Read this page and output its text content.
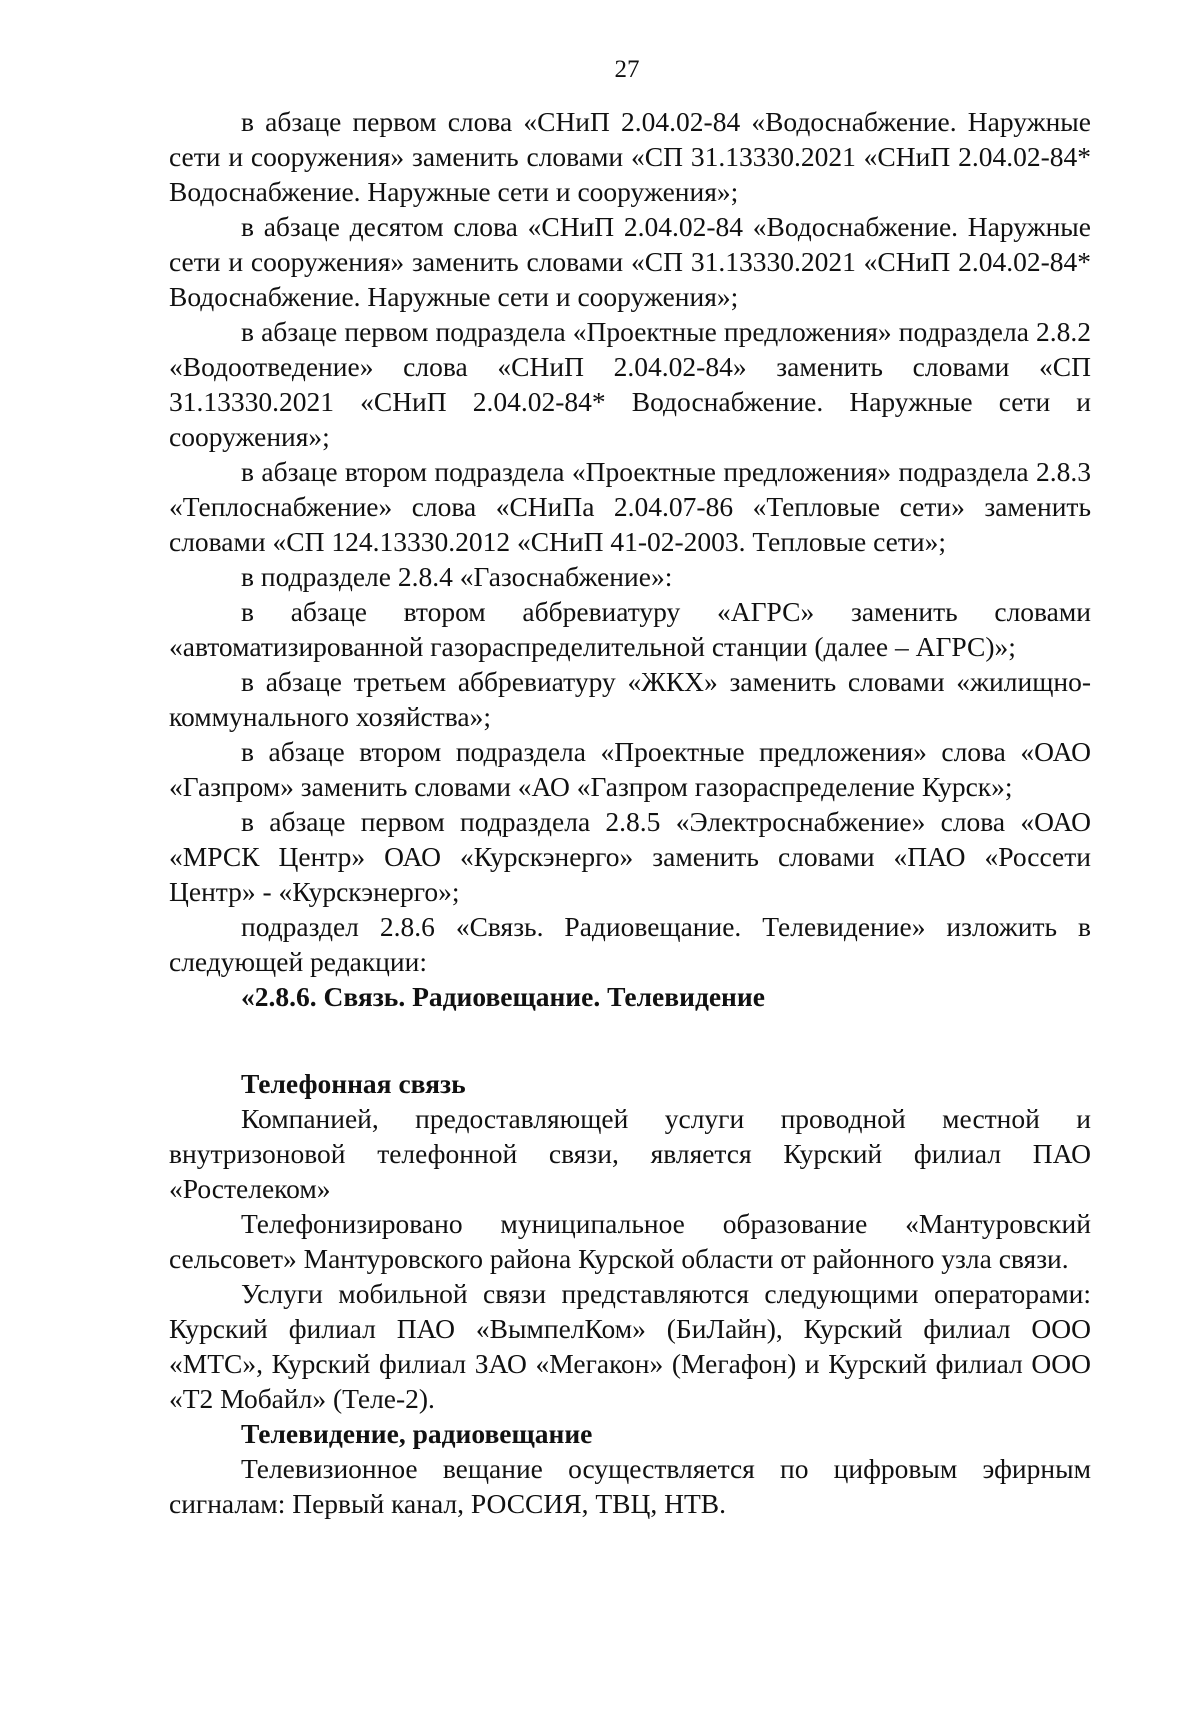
27

в абзаце первом слова «СНиП 2.04.02-84 «Водоснабжение. Наружные сети и сооружения» заменить словами «СП 31.13330.2021 «СНиП 2.04.02-84* Водоснабжение. Наружные сети и сооружения»;

в абзаце десятом слова «СНиП 2.04.02-84 «Водоснабжение. Наружные сети и сооружения» заменить словами «СП 31.13330.2021 «СНиП 2.04.02-84* Водоснабжение. Наружные сети и сооружения»;

в абзаце первом подраздела «Проектные предложения» подраздела 2.8.2 «Водоотведение» слова «СНиП 2.04.02-84» заменить словами «СП 31.13330.2021 «СНиП 2.04.02-84* Водоснабжение. Наружные сети и сооружения»;

в абзаце втором подраздела «Проектные предложения» подраздела 2.8.3 «Теплоснабжение» слова «СНиПа 2.04.07-86 «Тепловые сети» заменить словами «СП 124.13330.2012 «СНиП 41-02-2003. Тепловые сети»;

в подразделе 2.8.4 «Газоснабжение»:

в абзаце втором аббревиатуру «АГРС» заменить словами «автоматизированной газораспределительной станции (далее – АГРС)»;

в абзаце третьем аббревиатуру «ЖКХ» заменить словами «жилищно-коммунального хозяйства»;

в абзаце втором подраздела «Проектные предложения» слова «ОАО «Газпром» заменить словами «АО «Газпром газораспределение Курск»;

в абзаце первом подраздела 2.8.5 «Электроснабжение» слова «ОАО «МРСК Центр» ОАО «Курскэнерго» заменить словами «ПАО «Россети Центр» - «Курскэнерго»;

подраздел 2.8.6 «Связь. Радиовещание. Телевидение» изложить в следующей редакции:

«2.8.6. Связь. Радиовещание. Телевидение

Телефонная связь

Компанией, предоставляющей услуги проводной местной и внутризоновой телефонной связи, является Курский филиал ПАО «Ростелеком»

Телефонизировано муниципальное образование «Мантуровский сельсовет» Мантуровского района Курской области от районного узла связи.

Услуги мобильной связи представляются следующими операторами: Курский филиал ПАО «ВымпелКом» (БиЛайн), Курский филиал ООО «МТС», Курский филиал ЗАО «Мегакон» (Мегафон) и Курский филиал ООО «Т2 Мобайл» (Теле-2).

Телевидение, радиовещание

Телевизионное вещание осуществляется по цифровым эфирным сигналам: Первый канал, РОССИЯ, ТВЦ, НТВ.
